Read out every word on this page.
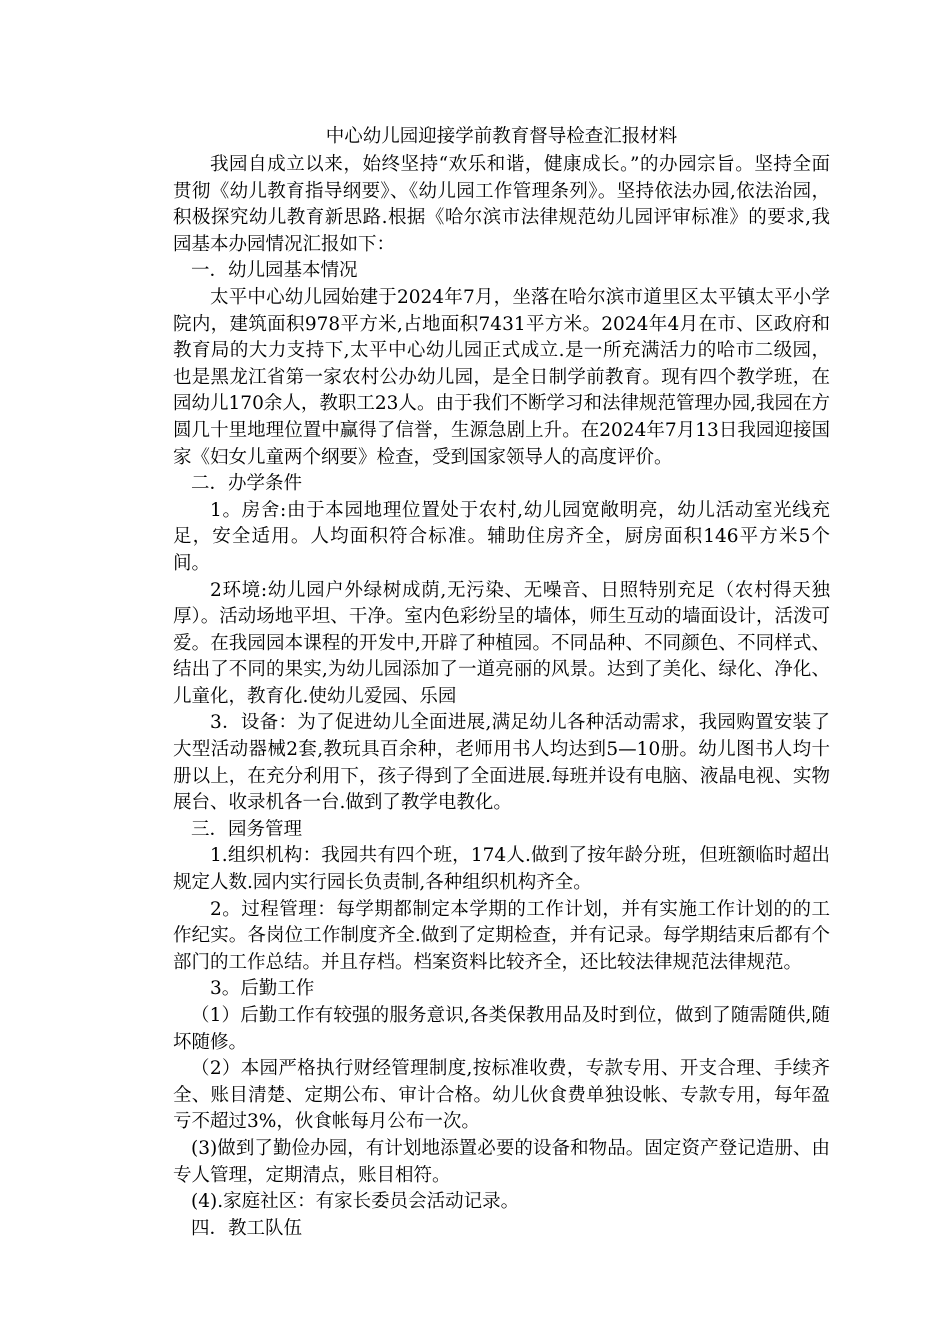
中心幼儿园迎接学前教育督导检查汇报材料

我园自成立以来，始终坚持“欢乐和谐，健康成长。”的办园宗旨。坚持全面贯彻《幼儿教育指导纲要》、《幼儿园工作管理条列》。坚持依法办园,依法治园，积极探究幼儿教育新思路.根据《哈尔滨市法律规范幼儿园评审标准》的要求,我园基本办园情况汇报如下：

一．幼儿园基本情况

太平中心幼儿园始建于2024年7月，坐落在哈尔滨市道里区太平镇太平小学院内，建筑面积978平方米,占地面积7431平方米。2024年4月在市、区政府和教育局的大力支持下,太平中心幼儿园正式成立.是一所充满活力的哈市二级园，也是黑龙江省第一家农村公办幼儿园，是全日制学前教育。现有四个教学班，在园幼儿170余人，教职工23人。由于我们不断学习和法律规范管理办园,我园在方圆几十里地理位置中赢得了信誉，生源急剧上升。在2024年7月13日我园迎接国家《妇女儿童两个纲要》检查，受到国家领导人的高度评价。

二．办学条件

1。房舍:由于本园地理位置处于农村,幼儿园宽敞明亮，幼儿活动室光线充足，安全适用。人均面积符合标准。辅助住房齐全，厨房面积146平方米5个间。

2环境:幼儿园户外绿树成荫,无污染、无噪音、日照特别充足（农村得天独厚）。活动场地平坦、干净。室内色彩纷呈的墙体，师生互动的墙面设计，活泼可爱。在我园园本课程的开发中,开辟了种植园。不同品种、不同颜色、不同样式、结出了不同的果实,为幼儿园添加了一道亮丽的风景。达到了美化、绿化、净化、儿童化，教育化.使幼儿爱园、乐园

3．设备：为了促进幼儿全面进展,满足幼儿各种活动需求，我园购置安装了大型活动器械2套,教玩具百余种，老师用书人均达到5—10册。幼儿图书人均十册以上，在充分利用下，孩子得到了全面进展.每班并设有电脑、液晶电视、实物展台、收录机各一台.做到了教学电教化。

三．园务管理

1.组织机构：我园共有四个班，174人.做到了按年龄分班，但班额临时超出规定人数.园内实行园长负责制,各种组织机构齐全。

2。过程管理：每学期都制定本学期的工作计划，并有实施工作计划的的工作纪实。各岗位工作制度齐全.做到了定期检查，并有记录。每学期结束后都有个部门的工作总结。并且存档。档案资料比较齐全，还比较法律规范法律规范。

3。后勤工作

（1）后勤工作有较强的服务意识,各类保教用品及时到位，做到了随需随供,随坏随修。

（2）本园严格执行财经管理制度,按标准收费，专款专用、开支合理、手续齐全、账目清楚、定期公布、审计合格。幼儿伙食费单独设帐、专款专用，每年盈亏不超过3%，伙食帐每月公布一次。

(3)做到了勤俭办园，有计划地添置必要的设备和物品。固定资产登记造册、由专人管理，定期清点，账目相符。

(4).家庭社区：有家长委员会活动记录。

四．教工队伍
